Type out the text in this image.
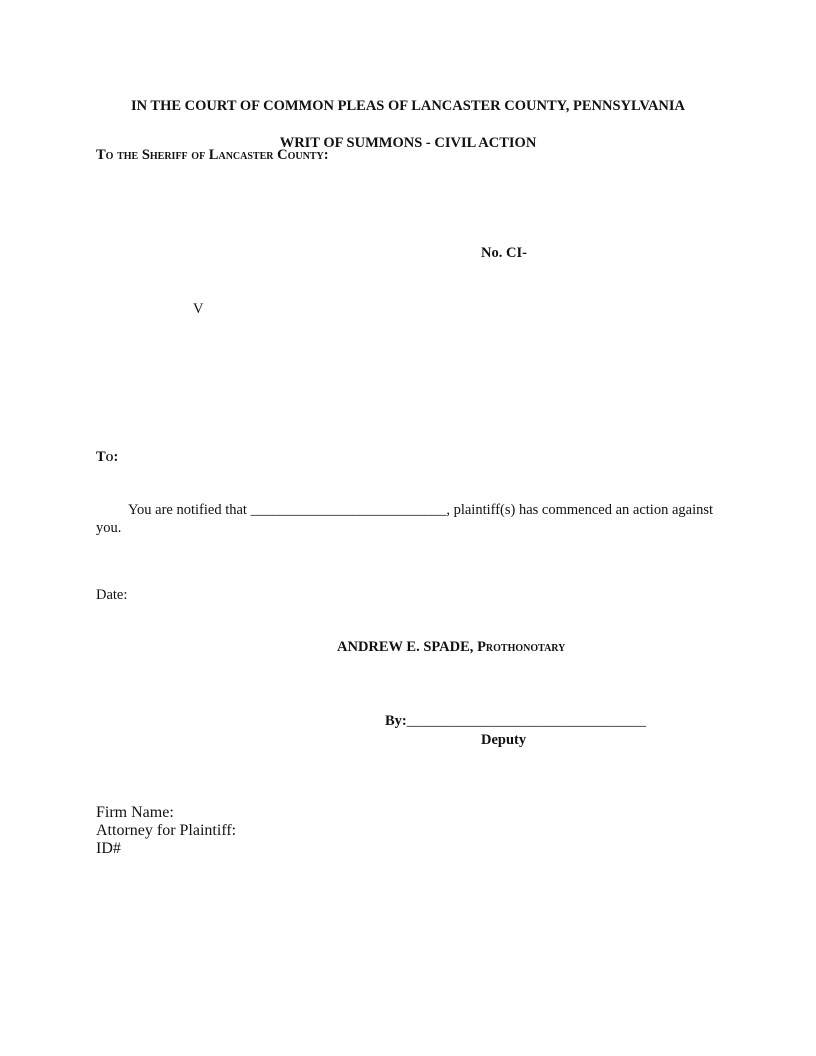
IN THE COURT OF COMMON PLEAS OF LANCASTER COUNTY, PENNSYLVANIA
WRIT OF SUMMONS - CIVIL ACTION
To the Sheriff of Lancaster County:
No. CI-
V
To:
You are notified that ___________________________, plaintiff(s) has commenced an action against
you.
Date:
ANDREW E. SPADE, Prothonotary
By:_________________________________
Deputy
Firm Name:
Attorney for Plaintiff:
ID#
